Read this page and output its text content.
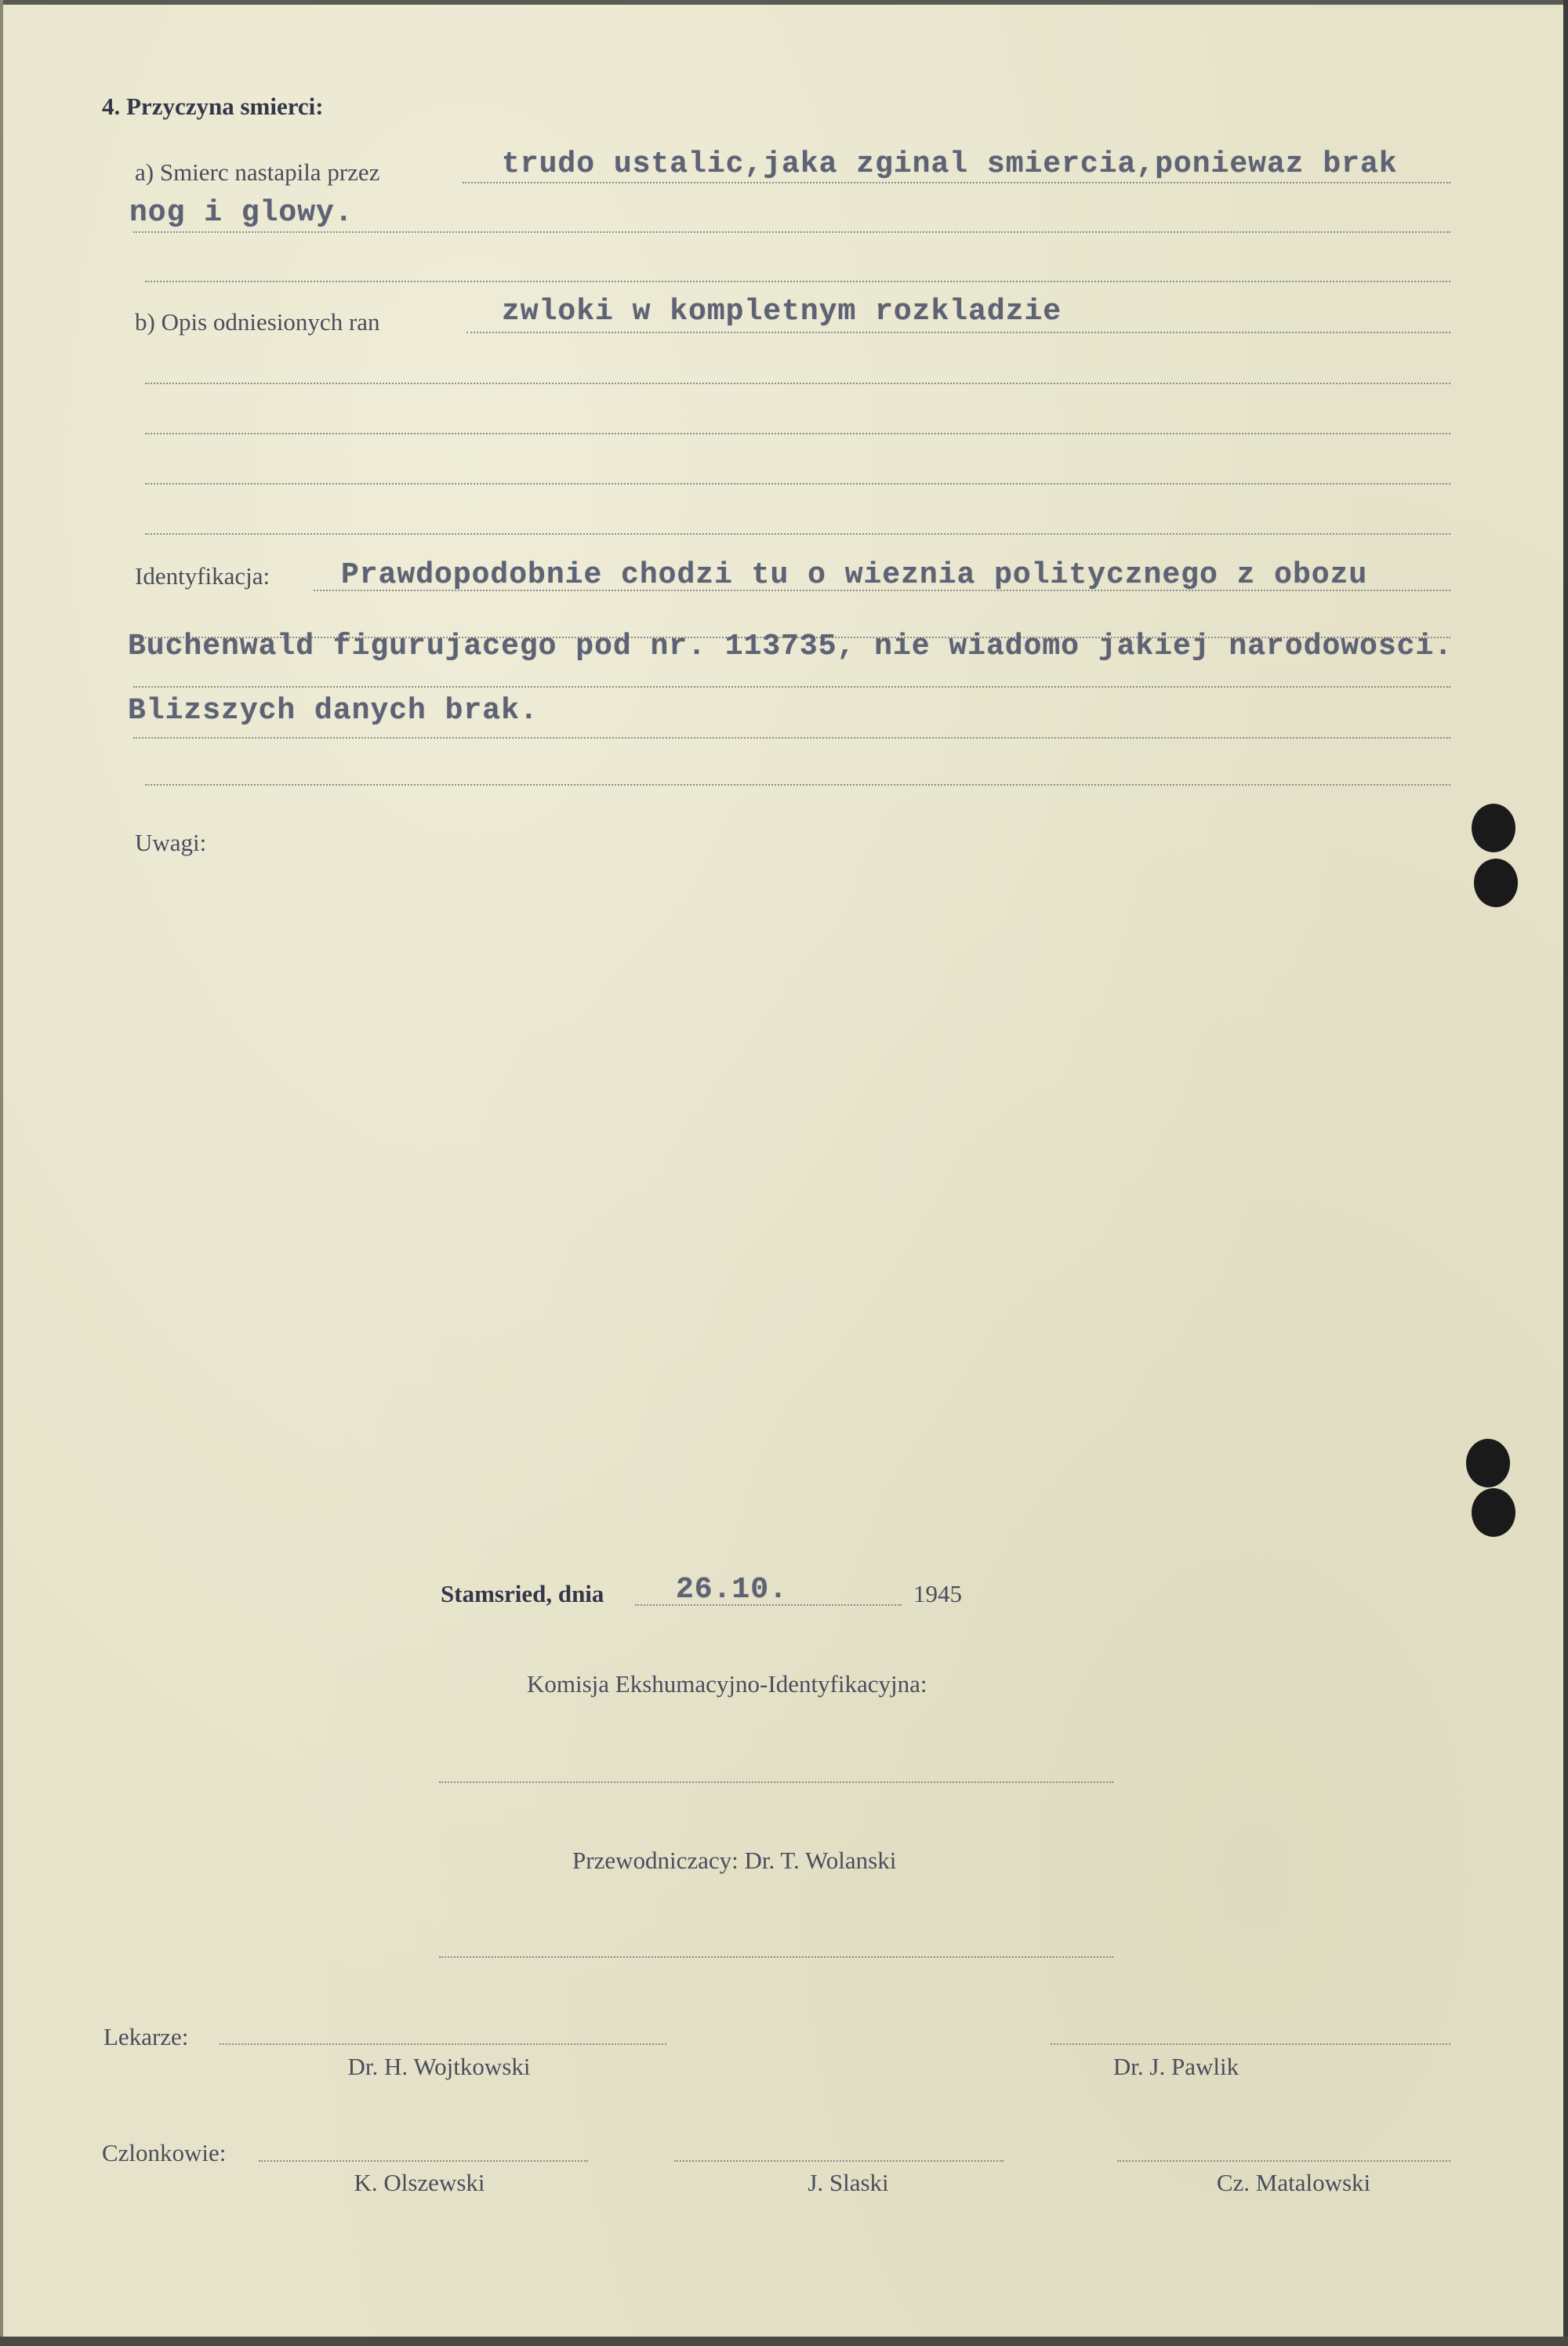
4. Przyczyna smierci:
a) Smierc nastapila przez	trudo ustalic,jaka zginal smiercia,poniewaz brak
nog i glowy.
b) Opis odniesionych ran	zwloki w kompletnym rozkladzie
Identyfikacja: Prawdopodobnie chodzi tu o wieznia politycznego z obozu
Buchenwald figurujacego pod nr. 113735, nie wiadomo jakiej narodowosci.
Blizszych danych brak.
Uwagi:
Stamsried, dnia 26.10.	1945
Komisja Ekshumacyjno-Identyfikacyjna:
Przewodniczacy: Dr. T. Wolanski
Lekarze:
Dr. H. Wojtkowski	Dr. J. Pawlik
Czlonkowie:
K. Olszewski	J. Slaski	Cz. Matalowski
